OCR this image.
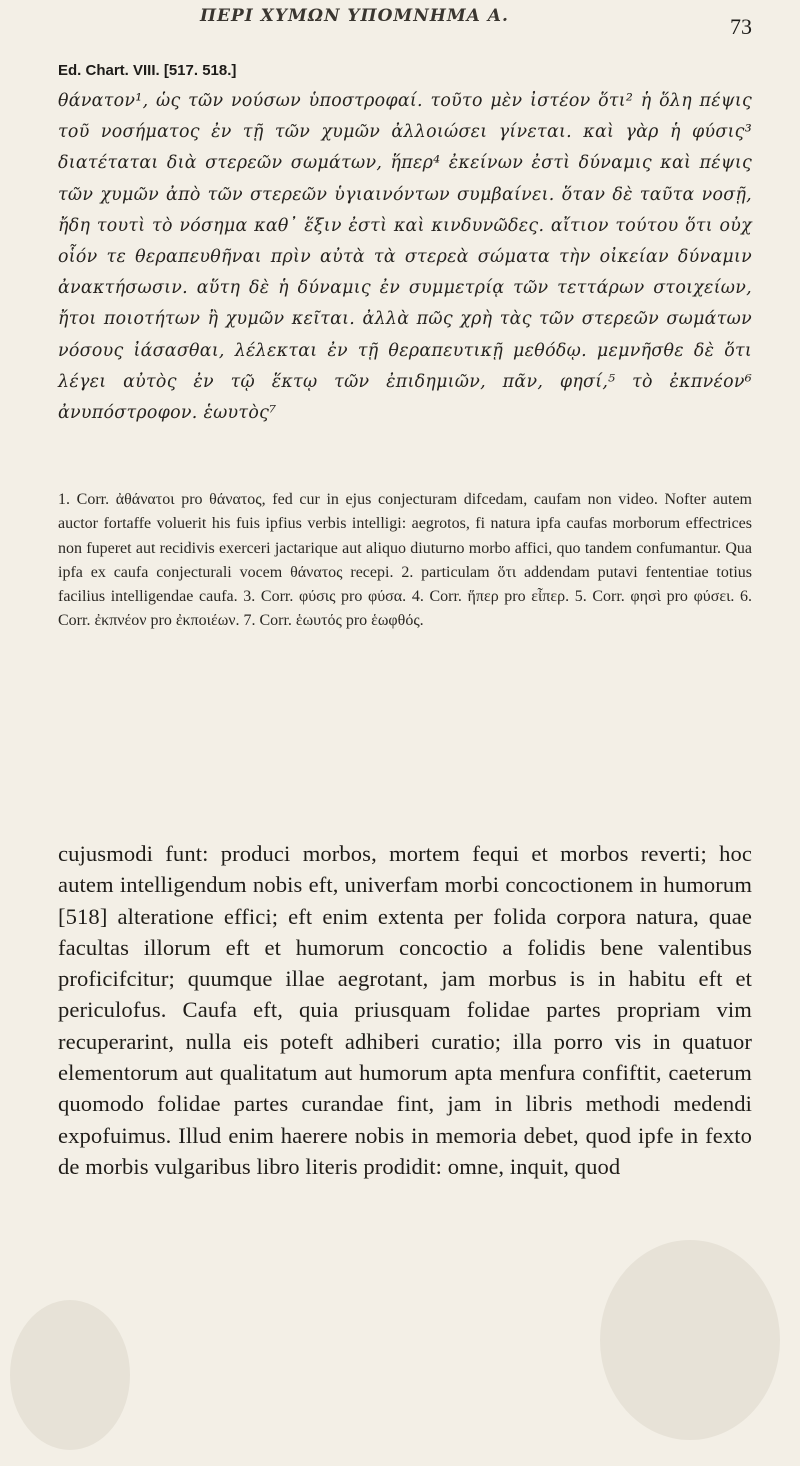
ΠΕΡΙ ΧΥΜΩΝ ΥΠΟΜΝΗΜΑ Α.	73
Ed. Chart. VIII. [517. 518.]

θάνατον¹, ὡς τῶν νούσων ὑποστροφαί. τοῦτο μὲν ἰστέον ὅτι² ἡ ὅλη πέψις τοῦ νοσήματος ἐν τῇ τῶν χυμῶν ἀλλοιώσει γίνεται. καὶ γὰρ ἡ φύσις³ διατέταται διὰ στερεῶν σωμάτων, ἥπερ⁴ ἐκείνων ἐστὶ δύναμις καὶ πέψις τῶν χυμῶν ἀπὸ τῶν στερεῶν ὑγιαινόντων συμβαίνει. ὅταν δὲ ταῦτα νοσῇ, ἤδη τουτὶ τὸ νόσημα καθ᾽ ἕξιν ἐστὶ καὶ κινδυνῶδες. αἴτιον τούτου ὅτι οὐχ οἷόν τε θεραπευθῆναι πρὶν αὐτὰ τὰ στερεὰ σώματα τὴν οἰκείαν δύναμιν ἀνακτήσωσιν. αὕτη δὲ ἡ δύναμις ἐν συμμετρίᾳ τῶν τεττάρων στοιχείων, ἤτοι ποιοτήτων ἢ χυμῶν κεῖται. ἀλλὰ πῶς χρὴ τὰς τῶν στερεῶν σωμάτων νόσους ἰάσασθαι, λέλεκται ἐν τῇ θεραπευτικῇ μεθόδῳ. μεμνῆσθε δὲ ὅτι λέγει αὐτὸς ἐν τῷ ἕκτῳ τῶν ἐπιδημιῶν, πᾶν, φησί,⁵ τὸ ἐκπνέον⁶ ἀνυπόστροφον. ἑωυτὸς⁷

1. Corr. ἀθάνατοι pro θάνατος, fed cur in ejus conjecturam difcedam, caufam non video. Nofter autem auctor fortaffe voluerit his fuis ipfius verbis intelligi: aegrotos, fi natura ipfa caufas morborum effectrices non fuperet aut recidivis exerceri jactarique aut aliquo diuturno morbo affici, quo tandem confumantur. Qua ipfa ex caufa conjecturali vocem θάνατος recepi. 2. particulam ὅτι addendam putavi fententiae totius facilius intelligendae caufa. 3. Corr. φύσις pro φύσα. 4. Corr. ἥπερ pro εἶπερ. 5. Corr. φησὶ pro φύσει. 6. Corr. ἐκπνέον pro ἐκποιέων. 7. Corr. ἑωυτός pro ἑωφθός.

cujusmodi funt: produci morbos, mortem fequi et morbos reverti; hoc autem intelligendum nobis eft, univerfam morbi concoctionem in humorum [518] alteratione effici; eft enim extenta per folida corpora natura, quae facultas illorum eft et humorum concoctio a folidis bene valentibus proficifcitur; quumque illae aegrotant, jam morbus is in habitu eft et periculofus. Caufa eft, quia priusquam folidae partes propriam vim recuperarint, nulla eis poteft adhiberi curatio; illa porro vis in quatuor elementorum aut qualitatum aut humorum apta menfura confiftit, caeterum quomodo folidae partes curandae fint, jam in libris methodi medendi expofuimus. Illud enim haerere nobis in memoria debet, quod ipfe in fexto de morbis vulgaribus libro literis prodidit: omne, inquit, quod
